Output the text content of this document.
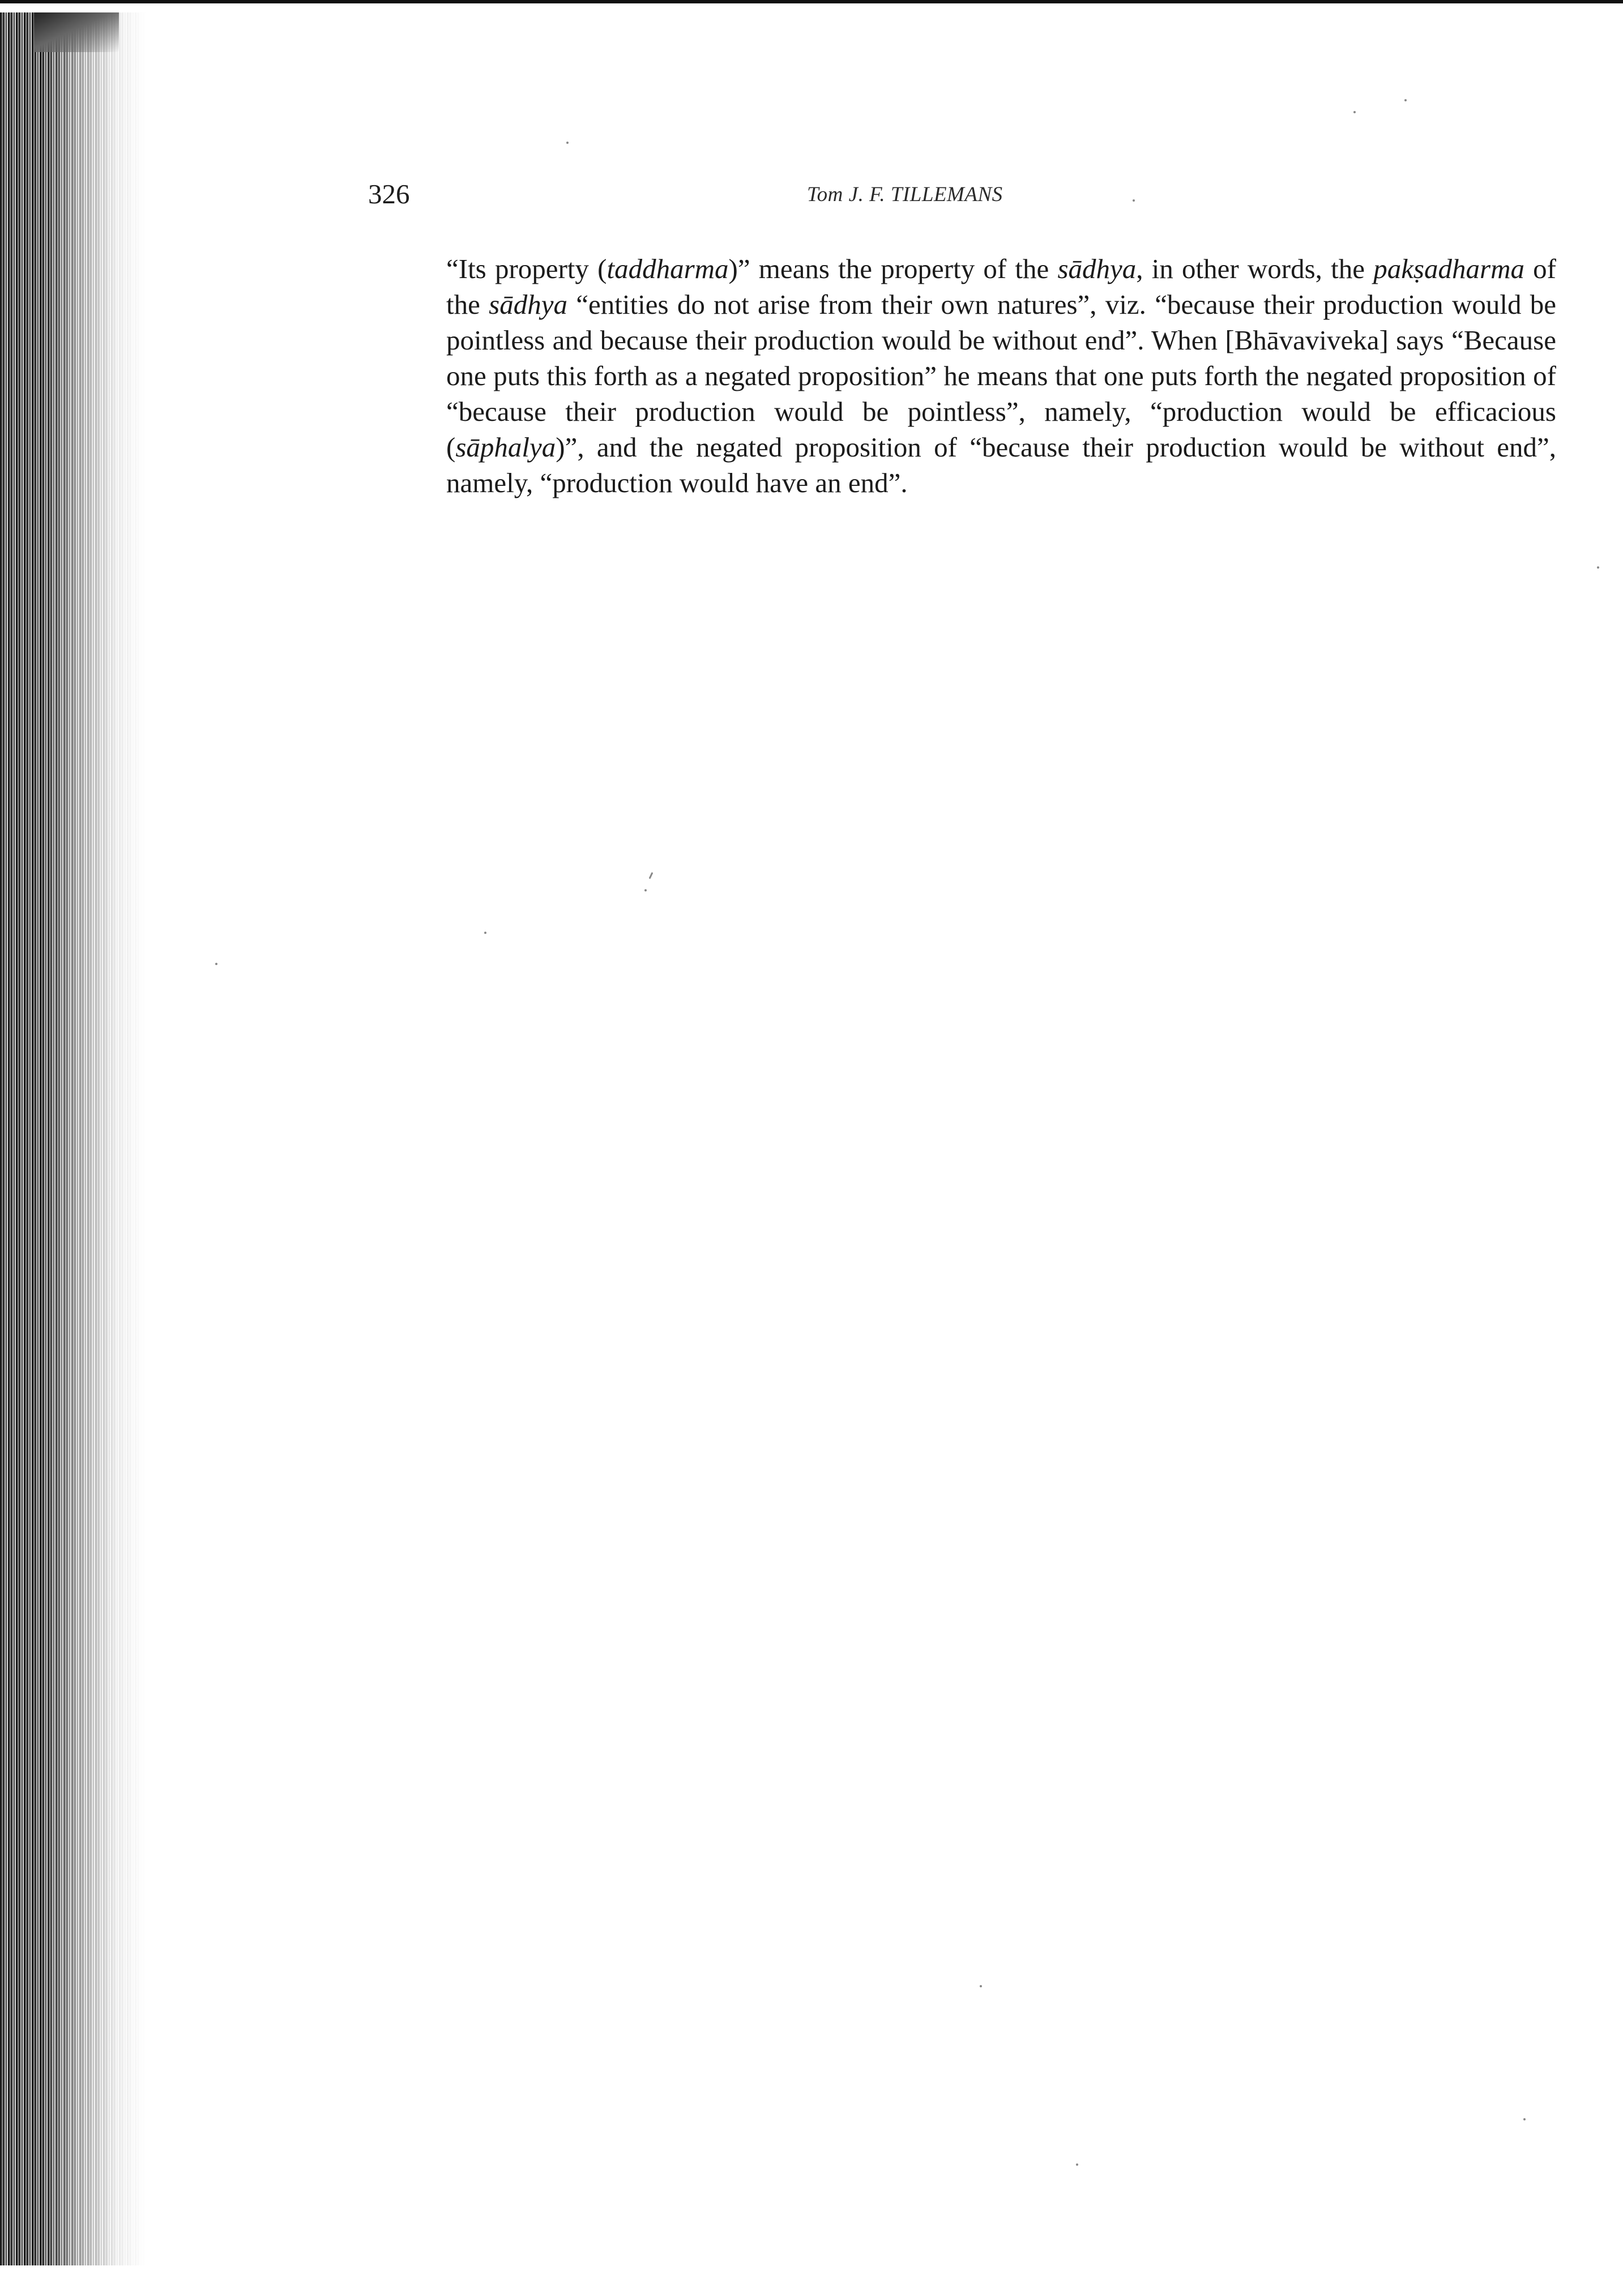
326	Tom J. F. TILLEMANS

“Its property (taddharma)” means the property of the sādhya, in other words, the pakṣadharma of the sādhya “entities do not arise from their own natures”, viz. “because their production would be pointless and because their production would be without end”. When [Bhāvaviveka] says “Because one puts this forth as a negated proposition” he means that one puts forth the negated proposition of “because their production would be pointless”, namely, “production would be efficacious (sāphalya)”, and the negated proposition of “because their production would be without end”, namely, “production would have an end”.
